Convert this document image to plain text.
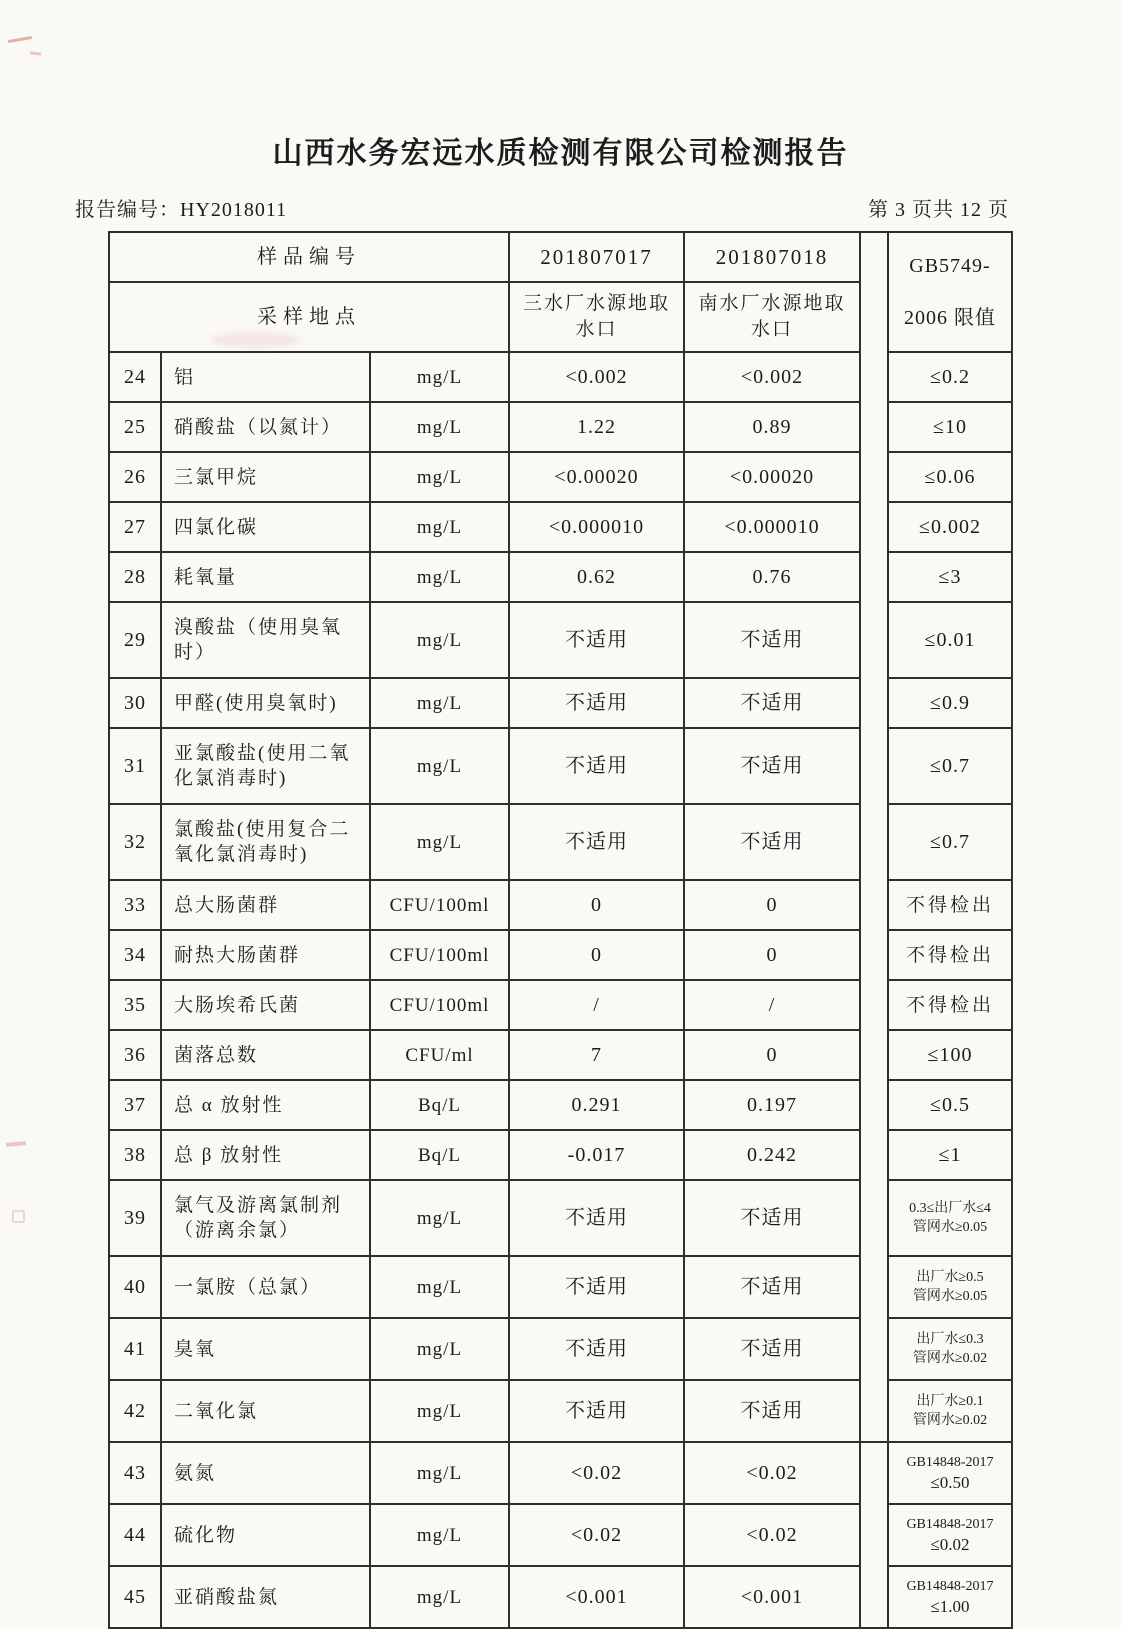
山西水务宏远水质检测有限公司检测报告
报告编号：HY2018011	第 3 页共 12 页
样品编号			201807017	201807018		GB5749-
2006 限值

采样地点			三水厂水源地取水口	南水厂水源地取水口		
24	铝	mg/L	<0.002	<0.002		≤0.2

25	硝酸盐（以氮计）	mg/L	1.22	0.89		≤10

26	三氯甲烷	mg/L	<0.00020	<0.00020		≤0.06

27	四氯化碳	mg/L	<0.000010	<0.000010		≤0.002

28	耗氧量	mg/L	0.62	0.76		≤3

29	溴酸盐（使用臭氧时）	mg/L	不适用	不适用		≤0.01

30	甲醛(使用臭氧时)	mg/L	不适用	不适用		≤0.9

31	亚氯酸盐(使用二氧化氯消毒时)	mg/L	不适用	不适用		≤0.7

32	氯酸盐(使用复合二氧化氯消毒时)	mg/L	不适用	不适用		≤0.7

33	总大肠菌群	CFU/100ml	0	0		不得检出

34	耐热大肠菌群	CFU/100ml	0	0		不得检出

35	大肠埃希氏菌	CFU/100ml	/	/		不得检出

36	菌落总数	CFU/ml	7	0		≤100

37	总 α 放射性	Bq/L	0.291	0.197		≤0.5

38	总 β 放射性	Bq/L	-0.017	0.242		≤1

39	氯气及游离氯制剂（游离余氯）	mg/L	不适用	不适用		0.3≤出厂水≤4
管网水≥0.05

40	一氯胺（总氯）	mg/L	不适用	不适用		出厂水≥0.5
管网水≥0.05

41	臭氧	mg/L	不适用	不适用		出厂水≤0.3
管网水≥0.02

42	二氧化氯	mg/L	不适用	不适用		出厂水≥0.1
管网水≥0.02

43	氨氮	mg/L	<0.02	<0.02		GB14848-2017
≤0.50

44	硫化物	mg/L	<0.02	<0.02		GB14848-2017
≤0.02

45	亚硝酸盐氮	mg/L	<0.001	<0.001		GB14848-2017
≤1.00
